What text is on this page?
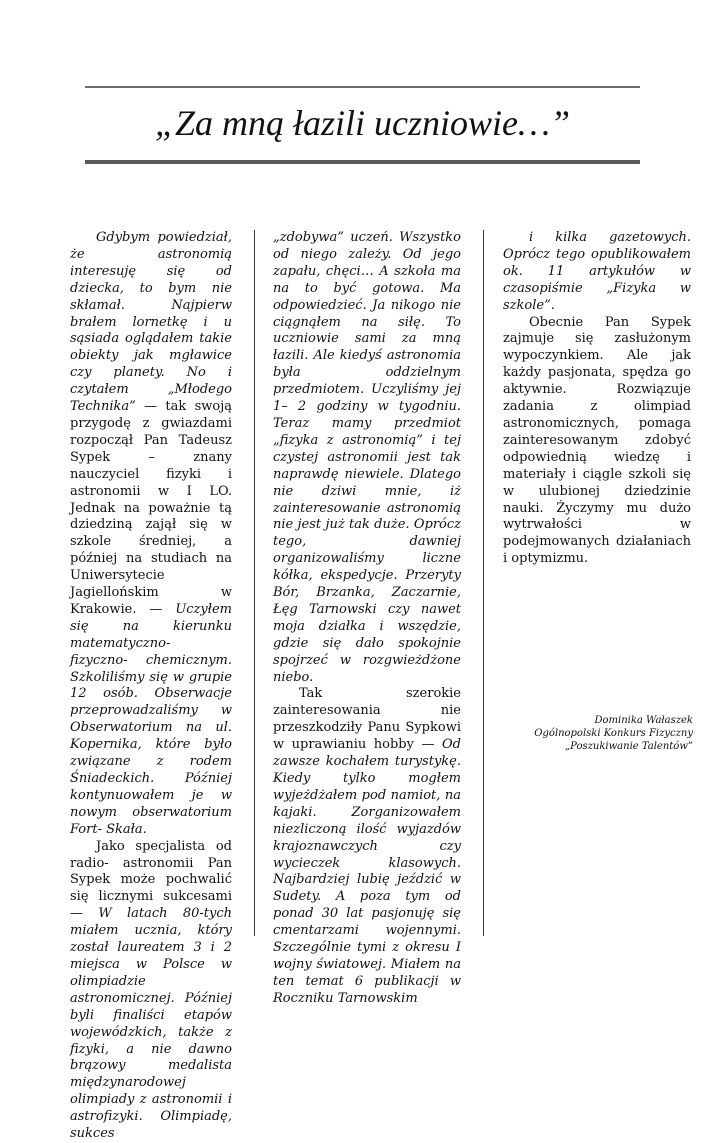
„Za mną łazili uczniowie…”

Gdybym powiedział, że astronomią interesuję się od dziecka, to bym nie skłamał. Najpierw brałem lornetkę i u sąsiada oglądałem takie obiekty jak mgławice czy planety. No i czytałem „Młodego Technika” — tak swoją przygodę z gwiazdami rozpoczął Pan Tadeusz Sypek – znany nauczyciel fizyki i astronomii w I LO. Jednak na poważnie tą dziedziną zajął się w szkole średniej, a później na studiach na Uniwersytecie Jagiellońskim w Krakowie. — Uczyłem się na kierunku matematyczno- fizyczno- chemicznym. Szkoliliśmy się w grupie 12 osób. Obserwacje przeprowadzaliśmy w Obserwatorium na ul. Kopernika, które było związane z rodem Śniadeckich. Później kontynuowałem je w nowym obserwatorium Fort- Skała.

Jako specjalista od radio- astronomii Pan Sypek może pochwalić się licznymi sukcesami — W latach 80-tych miałem ucznia, który został laureatem 3 i 2 miejsca w Polsce w olimpiadzie astronomicznej. Później byli finaliści etapów wojewódzkich, także z fizyki, a nie dawno brązowy medalista międzynarodowej olimpiady z astronomii i astrofizyki. Olimpiadę, sukces

„zdobywa” uczeń. Wszystko od niego zależy. Od jego zapału, chęci… A szkoła ma na to być gotowa. Ma odpowiedzieć. Ja nikogo nie ciągnąłem na siłę. To uczniowie sami za mną łazili. Ale kiedyś astronomia była oddzielnym przedmiotem. Uczyliśmy jej 1– 2 godziny w tygodniu. Teraz mamy przedmiot „fizyka z astronomią” i tej czystej astronomii jest tak naprawdę niewiele. Dlatego nie dziwi mnie, iż zainteresowanie astronomią nie jest już tak duże. Oprócz tego, dawniej organizowaliśmy liczne kółka, ekspedycje. Przeryty Bór, Brzanka, Zaczarnie, Łęg Tarnowski czy nawet moja działka i wszędzie, gdzie się dało spokojnie spojrzeć w rozgwieżdżone niebo.

Tak szerokie zainteresowania nie przeszkodziły Panu Sypkowi w uprawianiu hobby — Od zawsze kochałem turystykę. Kiedy tylko mogłem wyjeżdżałem pod namiot, na kajaki. Zorganizowałem niezliczoną ilość wyjazdów krajoznawczych czy wycieczek klasowych. Najbardziej lubię jeździć w Sudety. A poza tym od ponad 30 lat pasjonuję się cmentarzami wojennymi. Szczególnie tymi z okresu I wojny światowej. Miałem na ten temat 6 publikacji w Roczniku Tarnowskim

i kilka gazetowych. Oprócz tego opublikowałem ok. 11 artykułów w czasopiśmie „Fizyka w szkole”.

Obecnie Pan Sypek zajmuje się zasłużonym wypoczynkiem. Ale jak każdy pasjonata, spędza go aktywnie. Rozwiązuje zadania z olimpiad astronomicznych, pomaga zainteresowanym zdobyć odpowiednią wiedzę i materiały i ciągle szkoli się w ulubionej dziedzinie nauki. Życzymy mu dużo wytrwałości w podejmowanych działaniach i optymizmu.

Dominika Wałaszek
Ogólnopolski Konkurs Fizyczny
„Poszukiwanie Talentów”
